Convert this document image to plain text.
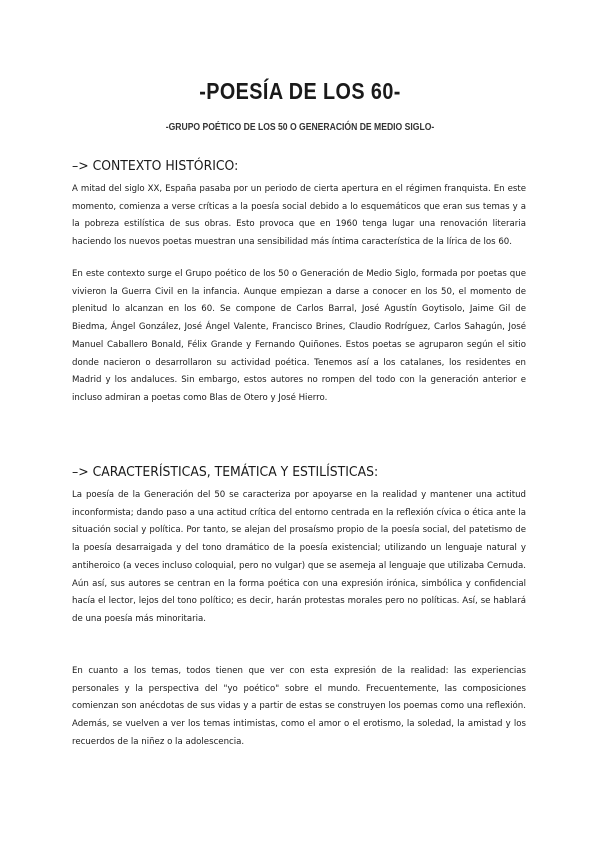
-POESÍA DE LOS 60-
-GRUPO POÉTICO DE LOS 50 O GENERACIÓN DE MEDIO SIGLO-
–> CONTEXTO HISTÓRICO:

A mitad del siglo XX, España pasaba por un periodo de cierta apertura en el régimen franquista. En este momento, comienza a verse críticas a la poesía social debido a lo esquemáticos que eran sus temas y a la pobreza estilística de sus obras. Esto provoca que en 1960 tenga lugar una renovación literaria haciendo los nuevos poetas muestran una sensibilidad más íntima característica de la lírica de los 60.

En este contexto surge el Grupo poético de los 50 o Generación de Medio Siglo, formada por poetas que vivieron la Guerra Civil en la infancia. Aunque empiezan a darse a conocer en los 50, el momento de plenitud lo alcanzan en los 60. Se compone de Carlos Barral, José Agustín Goytisolo, Jaime Gil de Biedma, Ángel González, José Ángel Valente, Francisco Brines, Claudio Rodríguez, Carlos Sahagún, José Manuel Caballero Bonald, Félix Grande y Fernando Quiñones. Estos poetas se agruparon según el sitio donde nacieron o desarrollaron su actividad poética. Tenemos así a los catalanes, los residentes en Madrid y los andaluces. Sin embargo, estos autores no rompen del todo con la generación anterior e incluso admiran a poetas como Blas de Otero y José Hierro.

–> CARACTERÍSTICAS, TEMÁTICA Y ESTILÍSTICAS:

La poesía de la Generación del 50 se caracteriza por apoyarse en la realidad y mantener una actitud inconformista; dando paso a una actitud crítica del entorno centrada en la reflexión cívica o ética ante la situación social y política. Por tanto, se alejan del prosaísmo propio de la poesía social, del patetismo de la poesía desarraigada y del tono dramático de la poesía existencial; utilizando un lenguaje natural y antiheroico (a veces incluso coloquial, pero no vulgar) que se asemeja al lenguaje que utilizaba Cernuda. Aún así, sus autores se centran en la forma poética con una expresión irónica, simbólica y confidencial hacía el lector, lejos del tono político; es decir, harán protestas morales pero no políticas. Así, se hablará de una poesía más minoritaria.

En cuanto a los temas, todos tienen que ver con esta expresión de la realidad: las experiencias personales y la perspectiva del "yo poético" sobre el mundo. Frecuentemente, las composiciones comienzan son anécdotas de sus vidas y a partir de estas se construyen los poemas como una reflexión. Además, se vuelven a ver los temas intimistas, como el amor o el erotismo, la soledad, la amistad y los recuerdos de la niñez o la adolescencia.
